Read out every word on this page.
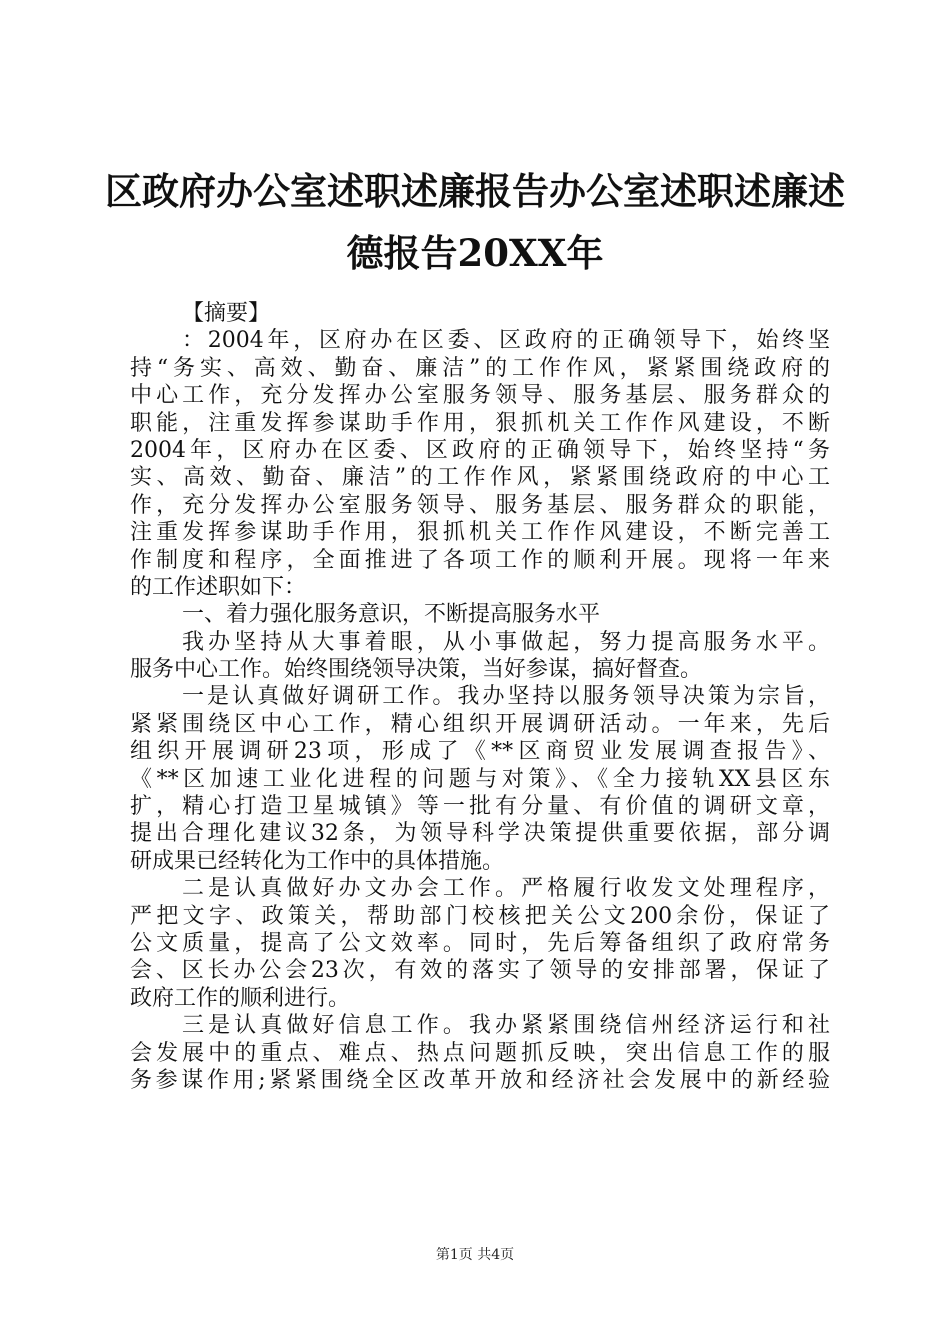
区政府办公室述职述廉报告办公室述职述廉述
德报告20XX年
【摘要】
：2004年，区府办在区委、区政府的正确领导下，始终坚
持“务实、高效、勤奋、廉洁”的工作作风，紧紧围绕政府的
中心工作，充分发挥办公室服务领导、服务基层、服务群众的
职能，注重发挥参谋助手作用，狠抓机关工作作风建设，不断
2004年，区府办在区委、区政府的正确领导下，始终坚持“务
实、高效、勤奋、廉洁”的工作作风，紧紧围绕政府的中心工
作，充分发挥办公室服务领导、服务基层、服务群众的职能，
注重发挥参谋助手作用，狠抓机关工作作风建设，不断完善工
作制度和程序，全面推进了各项工作的顺利开展。现将一年来
的工作述职如下：
一、着力强化服务意识，不断提高服务水平
我办坚持从大事着眼，从小事做起，努力提高服务水平。
服务中心工作。始终围绕领导决策，当好参谋，搞好督查。
一是认真做好调研工作。我办坚持以服务领导决策为宗旨，
紧紧围绕区中心工作，精心组织开展调研活动。一年来，先后
组织开展调研23项，形成了《**区商贸业发展调查报告》、
《**区加速工业化进程的问题与对策》、《全力接轨XX县区东
扩，精心打造卫星城镇》等一批有分量、有价值的调研文章，
提出合理化建议32条，为领导科学决策提供重要依据，部分调
研成果已经转化为工作中的具体措施。
二是认真做好办文办会工作。严格履行收发文处理程序，
严把文字、政策关，帮助部门校核把关公文200余份，保证了
公文质量，提高了公文效率。同时，先后筹备组织了政府常务
会、区长办公会23次，有效的落实了领导的安排部署，保证了
政府工作的顺利进行。
三是认真做好信息工作。我办紧紧围绕信州经济运行和社
会发展中的重点、难点、热点问题抓反映，突出信息工作的服
务参谋作用;紧紧围绕全区改革开放和经济社会发展中的新经验
第1页 共4页
